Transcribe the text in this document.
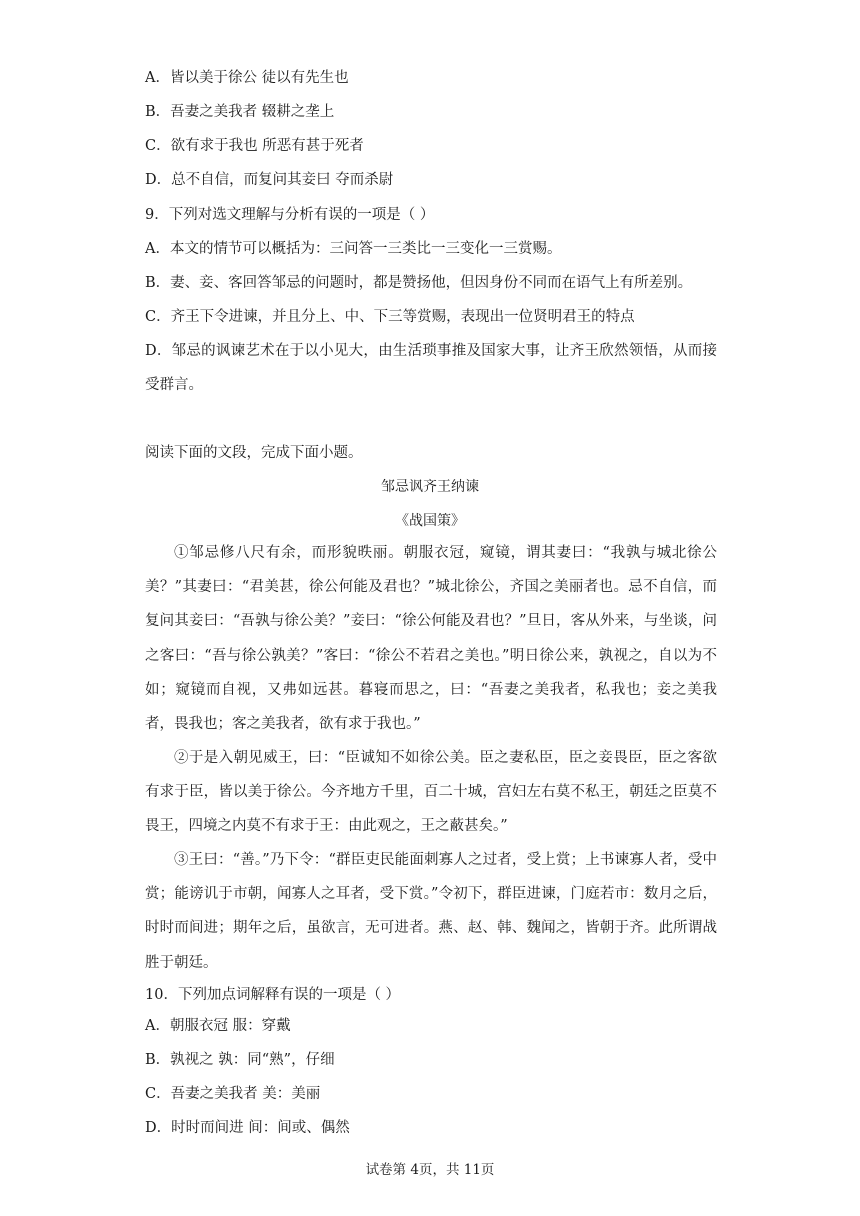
A．皆以美于徐公 徒以有先生也
B．吾妻之美我者 辍耕之垄上
C．欲有求于我也 所恶有甚于死者
D．总不自信，而复问其妾曰 夺而杀尉
9．下列对选文理解与分析有误的一项是（ ）
A．本文的情节可以概括为：三问答一三类比一三变化一三赏赐。
B．妻、妾、客回答邹忌的问题时，都是赞扬他，但因身份不同而在语气上有所差别。
C．齐王下令进谏，并且分上、中、下三等赏赐，表现出一位贤明君王的特点
D．邹忌的讽谏艺术在于以小见大，由生活琐事推及国家大事，让齐王欣然领悟，从而接受群言。
阅读下面的文段，完成下面小题。
邹忌讽齐王纳谏
《战国策》
①邹忌修八尺有余，而形貌昳丽。朝服衣冠，窥镜，谓其妻曰：“我孰与城北徐公美？”其妻曰：“君美甚，徐公何能及君也？”城北徐公，齐国之美丽者也。忌不自信，而复问其妾曰：“吾孰与徐公美？”妾曰：“徐公何能及君也？”旦日，客从外来，与坐谈，问之客曰：“吾与徐公孰美？”客曰：“徐公不若君之美也。”明日徐公来，孰视之，自以为不如；窥镜而自视，又弗如远甚。暮寝而思之，曰：“吾妻之美我者，私我也；妾之美我者，畏我也；客之美我者，欲有求于我也。”
②于是入朝见威王，曰：“臣诚知不如徐公美。臣之妻私臣，臣之妾畏臣，臣之客欲有求于臣，皆以美于徐公。今齐地方千里，百二十城，宫妇左右莫不私王，朝廷之臣莫不畏王，四境之内莫不有求于王：由此观之，王之蔽甚矣。”
③王曰：“善。”乃下令：“群臣吏民能面刺寡人之过者，受上赏；上书谏寡人者，受中赏；能谤讥于市朝，闻寡人之耳者，受下赏。”令初下，群臣进谏，门庭若市：数月之后，时时而间进；期年之后，虽欲言，无可进者。燕、赵、韩、魏闻之，皆朝于齐。此所谓战胜于朝廷。
10．下列加点词解释有误的一项是（ ）
A．朝服衣冠 服：穿戴
B．孰视之 孰：同“熟”，仔细
C．吾妻之美我者 美：美丽
D．时时而间进 间：间或、偶然
试卷第 4页，共 11页
